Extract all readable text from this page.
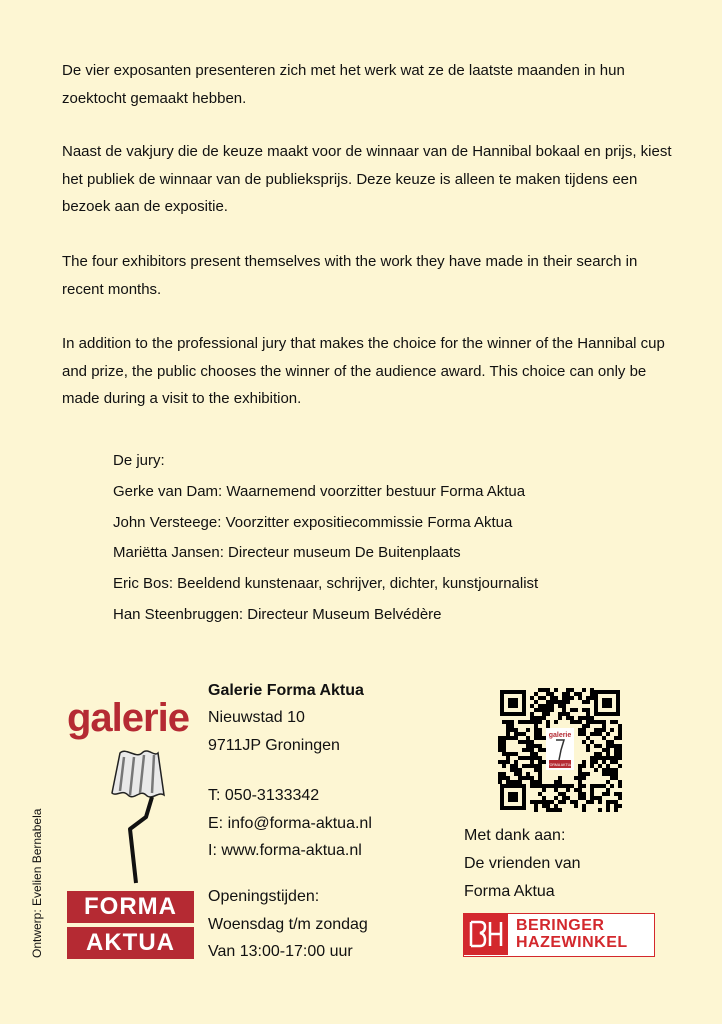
De vier exposanten presenteren zich met het werk wat ze de laatste maanden in hun zoektocht gemaakt hebben.

Naast de vakjury die de keuze maakt voor de winnaar van de Hannibal bokaal en prijs, kiest het publiek de winnaar van de publieksprijs. Deze keuze is alleen te maken tijdens een bezoek aan de expositie.

The four exhibitors present themselves with the work they have made in their search in recent months.

In addition to the professional jury that makes the choice for the winner of the Hannibal cup and prize, the public chooses the winner of the audience award. This choice can only be made during a visit to the exhibition.

De jury:
Gerke van Dam: Waarnemend voorzitter bestuur Forma Aktua
John Versteege: Voorzitter expositiecommissie Forma Aktua
Mariëtta Jansen: Directeur museum De Buitenplaats
Eric Bos: Beeldend kunstenaar, schrijver, dichter, kunstjournalist
Han Steenbruggen: Directeur Museum Belvédère
Ontwerp: Evelien Bernabela
galerie
FORMA
AKTUA
Galerie Forma Aktua
Nieuwstad 10
9711JP Groningen
T: 050-3133342
E: info@forma-aktua.nl
I: www.forma-aktua.nl
Openingstijden:
Woensdag t/m zondag
Van 13:00-17:00 uur
galerie
FORMA AKTUA
Met dank aan:
De vrienden van
Forma Aktua
BERINGER
HAZEWINKEL
